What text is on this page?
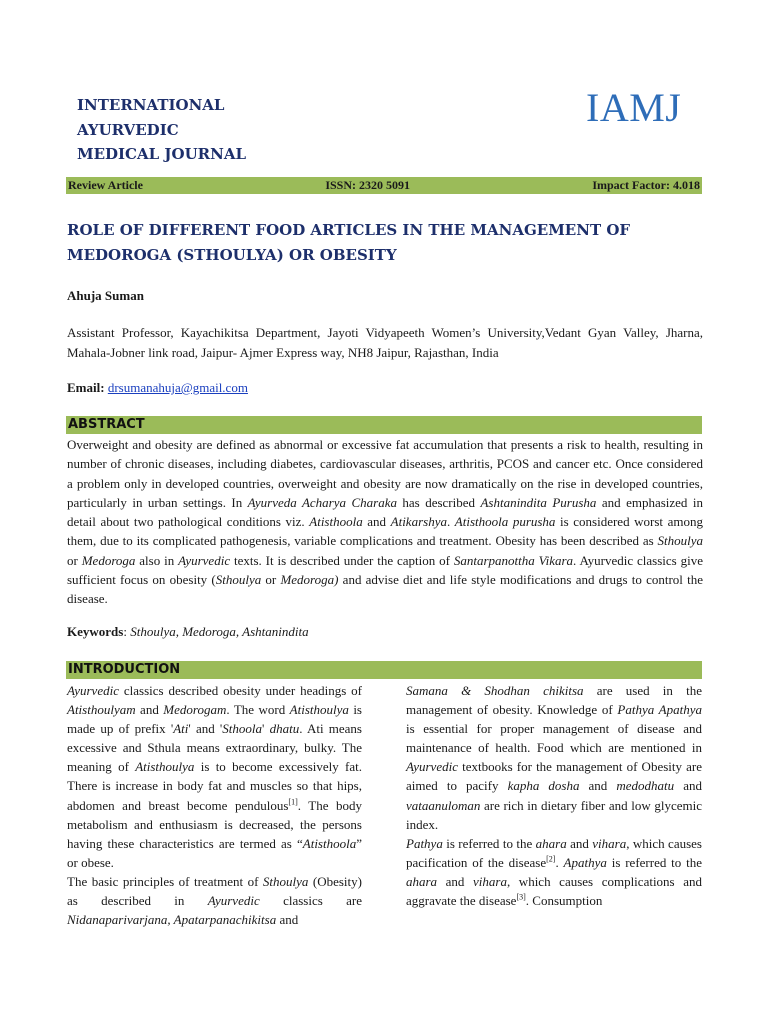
INTERNATIONAL
AYURVEDIC
MEDICAL JOURNAL
IAMJ
Review Article	ISSN: 2320 5091	Impact Factor: 4.018
ROLE OF DIFFERENT FOOD ARTICLES IN THE MANAGEMENT OF MEDOROGA (STHOULYA) OR OBESITY
Ahuja Suman
Assistant Professor, Kayachikitsa Department, Jayoti Vidyapeeth Women’s University,Vedant Gyan Valley, Jharna, Mahala-Jobner link road, Jaipur- Ajmer Express way, NH8 Jaipur, Rajasthan, India
Email: drsumanahuja@gmail.com
ABSTRACT
Overweight and obesity are defined as abnormal or excessive fat accumulation that presents a risk to health, resulting in number of chronic diseases, including diabetes, cardiovascular diseases, arthritis, PCOS and cancer etc. Once considered a problem only in developed countries, overweight and obesity are now dramatically on the rise in developed countries, particularly in urban settings. In Ayurveda Acharya Charaka has described Ashtanindita Purusha and emphasized in detail about two pathological conditions viz. Atisthoola and Atikarshya. Atisthoola purusha is considered worst among them, due to its complicated pathogenesis, variable complications and treatment. Obesity has been described as Sthoulya or Medoroga also in Ayurvedic texts. It is described under the caption of Santarpanottha Vikara. Ayurvedic classics give sufficient focus on obesity (Sthoulya or Medoroga) and advise diet and life style modifications and drugs to control the disease.
Keywords: Sthoulya, Medoroga, Ashtanindita
INTRODUCTION
Ayurvedic classics described obesity under headings of Atisthoulyam and Medorogam. The word Atisthoulya is made up of prefix 'Ati' and 'Sthoola' dhatu. Ati means excessive and Sthula means extraordinary, bulky. The meaning of Atisthoulya is to become excessively fat. There is increase in body fat and muscles so that hips, abdomen and breast become pendulous[1]. The body metabolism and enthusiasm is decreased, the persons having these characteristics are termed as “Atisthoola” or obese.
The basic principles of treatment of Sthoulya (Obesity) as described in Ayurvedic classics are Nidanaparivarjana, Apatarpanachikitsa and
Samana & Shodhan chikitsa are used in the management of obesity. Knowledge of Pathya Apathya is essential for proper management of disease and maintenance of health. Food which are mentioned in Ayurvedic textbooks for the management of Obesity are aimed to pacify kapha dosha and medodhatu and vataanuloman are rich in dietary fiber and low glycemic index.
Pathya is referred to the ahara and vihara, which causes pacification of the disease[2]. Apathya is referred to the ahara and vihara, which causes complications and aggravate the disease[3]. Consumption
